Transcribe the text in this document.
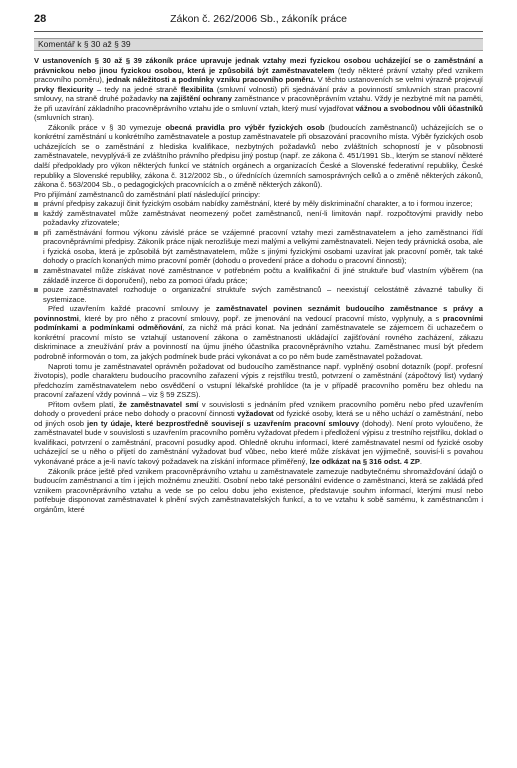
28	Zákon č. 262/2006 Sb., zákoník práce
Komentář k § 30 až § 39

V ustanoveních § 30 až § 39 zákoník práce upravuje jednak vztahy mezi fyzickou osobou ucházející se o zaměstnání a právnickou nebo jinou fyzickou osobou, která je způsobilá být zaměstnavatelem (tedy některé právní vztahy před vznikem pracovního poměru), jednak náležitosti a podmínky vzniku pracovního poměru. V těchto ustanoveních se velmi výrazně projevují prvky flexicurity – tedy na jedné straně flexibilita (smluvní volnosti) při sjednávání práv a povinností smluvních stran pracovní smlouvy, na straně druhé požadavky na zajištění ochrany zaměstnance v pracovněprávním vztahu. Vždy je nezbytné mít na paměti, že při uzavírání základního pracovněprávního vztahu jde o smluvní vztah, který musí vyjadřovat vážnou a svobodnou vůli účastníků (smluvních stran).

Zákoník práce v § 30 vymezuje obecná pravidla pro výběr fyzických osob (budoucích zaměstnanců) ucházejících se o konkrétní zaměstnání u konkrétního zaměstnavatele a postup zaměstnavatele při obsazování pracovního místa. Výběr fyzických osob ucházejících se o zaměstnání z hlediska kvalifikace, nezbytných požadavků nebo zvláštních schopností je v působnosti zaměstnavatele, nevyplývá-li ze zvláštního právního předpisu jiný postup (např. ze zákona č. 451/1991 Sb., kterým se stanoví některé další předpoklady pro výkon některých funkcí ve státních orgánech a organizacích České a Slovenské federativní republiky, České republiky a Slovenské republiky, zákona č. 312/2002 Sb., o úřednících územních samosprávných celků a o změně některých zákonů, zákona č. 563/2004 Sb., o pedagogických pracovnících a o změně některých zákonů).

Pro přijímání zaměstnanců do zaměstnání platí následující principy:

právní předpisy zakazují činit fyzickým osobám nabídky zaměstnání, které by měly diskriminační charakter, a to i formou inzerce;
každý zaměstnavatel může zaměstnávat neomezený počet zaměstnanců, není-li limitován např. rozpočtovými pravidly nebo požadavky zřizovatele;
při zaměstnávání formou výkonu závislé práce se vzájemné pracovní vztahy mezi zaměstnavatelem a jeho zaměstnanci řídí pracovněprávními předpisy. Zákoník práce nijak nerozlišuje mezi malými a velkými zaměstnavateli. Nejen tedy právnická osoba, ale i fyzická osoba, která je způsobilá být zaměstnavatelem, může s jinými fyzickými osobami uzavírat jak pracovní poměr, tak také dohody o pracích konaných mimo pracovní poměr (dohodu o provedení práce a dohodu o pracovní činnosti);
zaměstnavatel může získávat nové zaměstnance v potřebném počtu a kvalifikační či jiné struktuře buď vlastním výběrem (na základě inzerce či doporučení), nebo za pomoci úřadu práce;
pouze zaměstnavatel rozhoduje o organizační struktuře svých zaměstnanců – neexistují celostátně závazné tabulky či systemizace.

Před uzavřením každé pracovní smlouvy je zaměstnavatel povinen seznámit budoucího zaměstnance s právy a povinnostmi, které by pro něho z pracovní smlouvy, popř. ze jmenování na vedoucí pracovní místo, vyplynuly, a s pracovními podmínkami a podmínkami odměňování, za nichž má práci konat. Na jednání zaměstnavatele se zájemcem či uchazečem o konkrétní pracovní místo se vztahují ustanovení zákona o zaměstnanosti ukládající zajišťování rovného zacházení, zákazu diskriminace a zneužívání práv a povinností na újmu jiného účastníka pracovněprávního vztahu. Zaměstnanec musí být předem podrobně informován o tom, za jakých podmínek bude práci vykonávat a co po něm bude zaměstnavatel požadovat.

Naproti tomu je zaměstnavatel oprávněn požadovat od budoucího zaměstnance např. vyplněný osobní dotazník (popř. profesní životopis), podle charakteru budoucího pracovního zařazení výpis z rejstříku trestů, potvrzení o zaměstnání (zápočtový list) vydaný předchozím zaměstnavatelem nebo osvědčení o vstupní lékařské prohlídce (ta je v případě pracovního poměru bez ohledu na pracovní zařazení vždy povinná – viz § 59 ZSZS).

Přitom ovšem platí, že zaměstnavatel smí v souvislosti s jednáním před vznikem pracovního poměru nebo před uzavřením dohody o provedení práce nebo dohody o pracovní činnosti vyžadovat od fyzické osoby, která se u něho uchází o zaměstnání, nebo od jiných osob jen ty údaje, které bezprostředně souvisejí s uzavřením pracovní smlouvy (dohody). Není proto vyloučeno, že zaměstnavatel bude v souvislosti s uzavřením pracovního poměru vyžadovat předem i předložení výpisu z trestního rejstříku, doklad o kvalifikaci, potvrzení o zaměstnání, pracovní posudky apod. Ohledně okruhu informací, které zaměstnavatel nesmí od fyzické osoby ucházející se u něho o přijetí do zaměstnání vyžadovat buď vůbec, nebo které může získávat jen výjimečně, souvisí-li s povahou vykonávané práce a je-li navíc takový požadavek na získání informace přiměřený, lze odkázat na § 316 odst. 4 ZP.

Zákoník práce ještě před vznikem pracovněprávního vztahu u zaměstnavatele zamezuje nadbytečnému shromažďování údajů o budoucím zaměstnanci a tím i jejich možnému zneužití. Osobní nebo také personální evidence o zaměstnanci, která se zakládá před vznikem pracovněprávního vztahu a vede se po celou dobu jeho existence, představuje souhrn informací, kterými musí nebo potřebuje disponovat zaměstnavatel k plnění svých zaměstnavatelských funkcí, a to ve vztahu k sobě samému, k zaměstnancům i orgánům, které
